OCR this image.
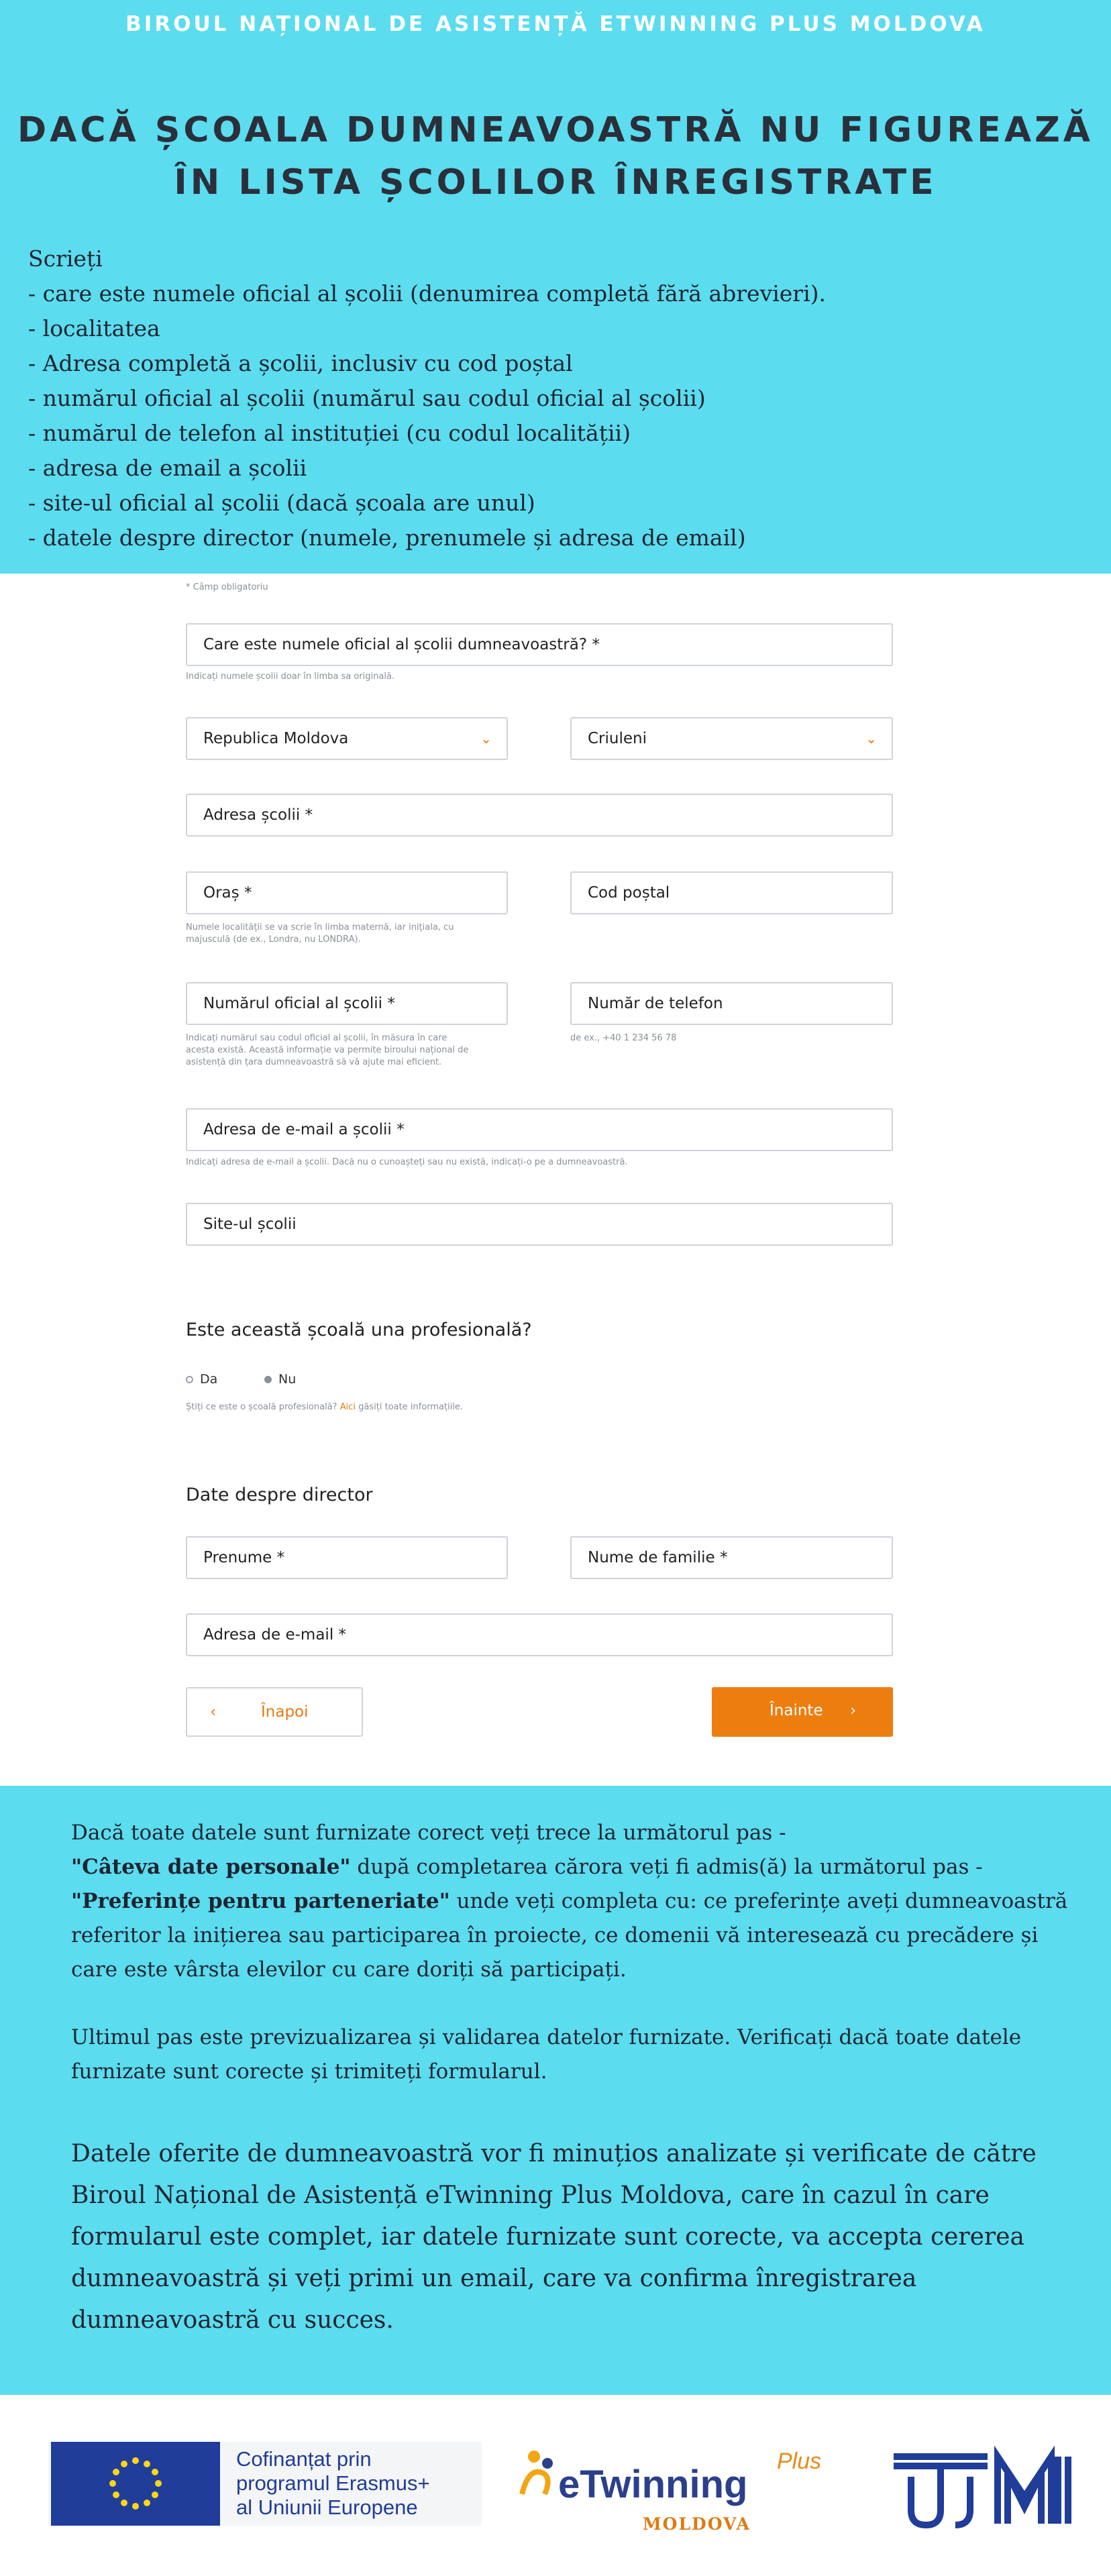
BIROUL NAȚIONAL DE ASISTENȚĂ ETWINNING PLUS MOLDOVA
DACĂ ȘCOALA DUMNEAVOASTRĂ NU FIGUREAZĂ
ÎN LISTA ȘCOLILOR ÎNREGISTRATE
Scrieți
- care este numele oficial al școlii (denumirea completă fără abrevieri).
- localitatea
- Adresa completă a școlii, inclusiv cu cod poștal
- numărul oficial al școlii (numărul sau codul oficial al școlii)
- numărul de telefon al instituției (cu codul localității)
- adresa de email a școlii
- site-ul oficial al școlii (dacă școala are unul)
- datele despre director (numele, prenumele și adresa de email)
* Câmp obligatoriu
Care este numele oficial al școlii dumneavoastră? *
Indicați numele școlii doar în limba sa originală.
Republica Moldova	⌄	Criuleni	⌄
Adresa școlii *
Oraș *	Cod poștal
Numele localității se va scrie în limba maternă, iar inițiala, cu
majusculă (de ex., Londra, nu LONDRA).
Numărul oficial al școlii *	Număr de telefon
Indicați numărul sau codul oficial al școlii, în măsura în care
acesta există. Această informație va permite biroului național de
asistență din țara dumneavoastră să vă ajute mai eficient.
de ex., +40 1 234 56 78
Adresa de e-mail a școlii *
Indicați adresa de e-mail a școlii. Dacă nu o cunoașteți sau nu există, indicați-o pe a dumneavoastră.
Site-ul școlii
Este această școală una profesională?
Da	Nu
Știți ce este o școală profesională? Aici găsiți toate informațiile.
Date despre director
Prenume *	Nume de familie *
Adresa de e-mail *
‹	Înapoi	Înainte ›
Dacă toate datele sunt furnizate corect veți trece la următorul pas -
"Câteva date personale" după completarea cărora veți fi admis(ă) la următorul pas -
"Preferințe pentru parteneriate" unde veți completa cu: ce preferințe aveți dumneavoastră
referitor la inițierea sau participarea în proiecte, ce domenii vă interesează cu precădere și
care este vârsta elevilor cu care doriți să participați.
Ultimul pas este previzualizarea și validarea datelor furnizate. Verificați dacă toate datele
furnizate sunt corecte și trimiteți formularul.
Datele oferite de dumneavoastră vor fi minuțios analizate și verificate de către
Biroul Național de Asistență eTwinning Plus Moldova, care în cazul în care
formularul este complet, iar datele furnizate sunt corecte, va accepta cererea
dumneavoastră și veți primi un email, care va confirma înregistrarea
dumneavoastră cu succes.
Cofinanțat prin
programul Erasmus+
al Uniunii Europene
eTwinning
Plus
MOLDOVA
